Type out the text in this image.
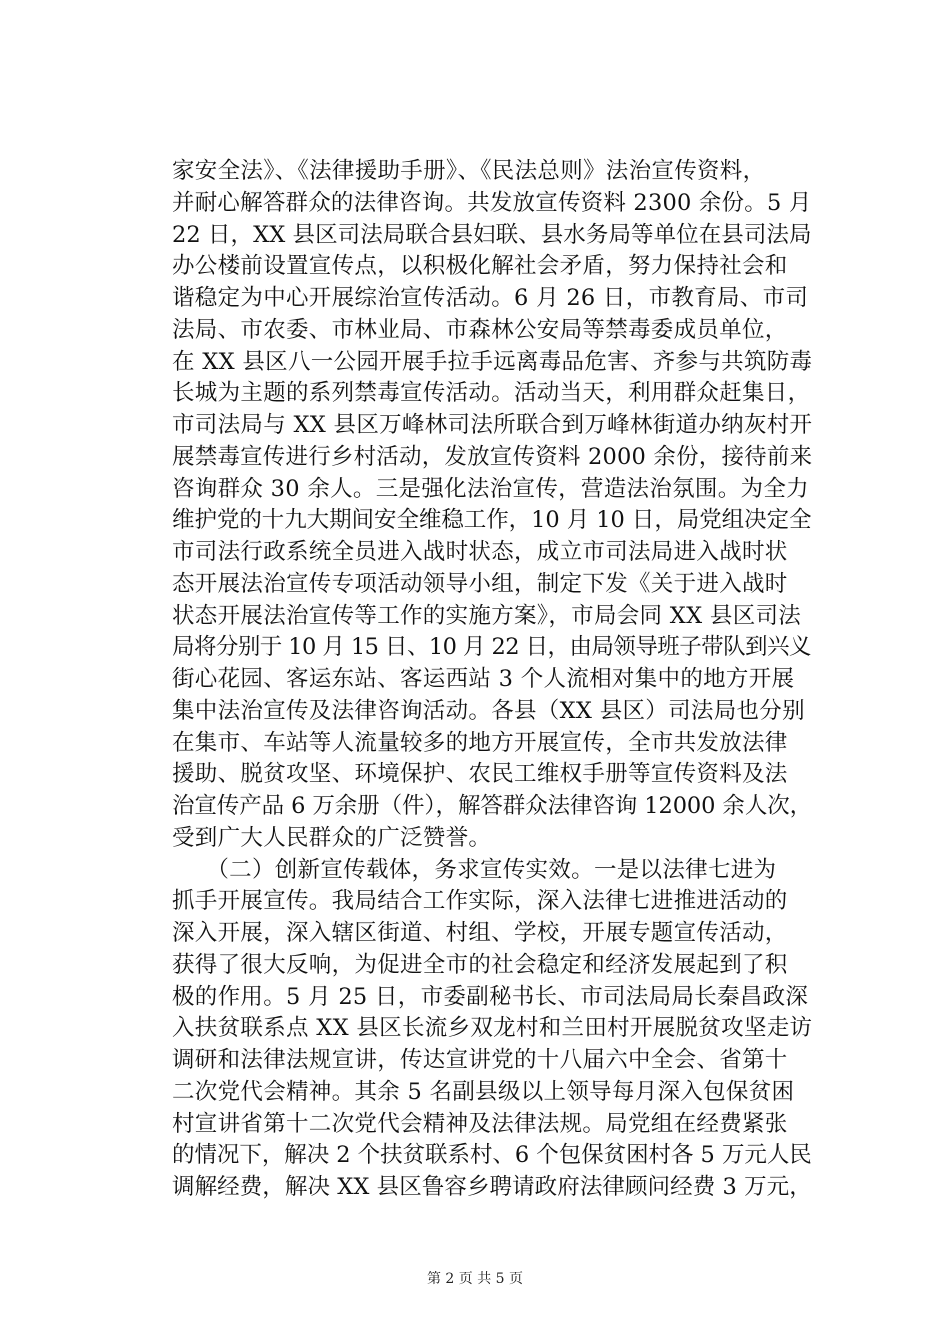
家安全法》、《法律援助手册》、《民法总则》法治宣传资料，
并耐心解答群众的法律咨询。共发放宣传资料 2300 余份。5 月
22 日，XX 县区司法局联合县妇联、县水务局等单位在县司法局
办公楼前设置宣传点，以积极化解社会矛盾，努力保持社会和
谐稳定为中心开展综治宣传活动。6 月 26 日，市教育局、市司
法局、市农委、市林业局、市森林公安局等禁毒委成员单位，
在 XX 县区八一公园开展手拉手远离毒品危害、齐参与共筑防毒
长城为主题的系列禁毒宣传活动。活动当天，利用群众赶集日，
市司法局与 XX 县区万峰林司法所联合到万峰林街道办纳灰村开
展禁毒宣传进行乡村活动，发放宣传资料 2000 余份，接待前来
咨询群众 30 余人。三是强化法治宣传，营造法治氛围。为全力
维护党的十九大期间安全维稳工作，10 月 10 日，局党组决定全
市司法行政系统全员进入战时状态，成立市司法局进入战时状
态开展法治宣传专项活动领导小组，制定下发《关于进入战时
状态开展法治宣传等工作的实施方案》，市局会同 XX 县区司法
局将分别于 10 月 15 日、10 月 22 日，由局领导班子带队到兴义
街心花园、客运东站、客运西站 3 个人流相对集中的地方开展
集中法治宣传及法律咨询活动。各县（XX 县区）司法局也分别
在集市、车站等人流量较多的地方开展宣传，全市共发放法律
援助、脱贫攻坚、环境保护、农民工维权手册等宣传资料及法
治宣传产品 6 万余册（件），解答群众法律咨询 12000 余人次，
受到广大人民群众的广泛赞誉。
　　（二）创新宣传载体，务求宣传实效。一是以法律七进为
抓手开展宣传。我局结合工作实际，深入法律七进推进活动的
深入开展，深入辖区街道、村组、学校，开展专题宣传活动，
获得了很大反响，为促进全市的社会稳定和经济发展起到了积
极的作用。5 月 25 日，市委副秘书长、市司法局局长秦昌政深
入扶贫联系点 XX 县区长流乡双龙村和兰田村开展脱贫攻坚走访
调研和法律法规宣讲，传达宣讲党的十八届六中全会、省第十
二次党代会精神。其余 5 名副县级以上领导每月深入包保贫困
村宣讲省第十二次党代会精神及法律法规。局党组在经费紧张
的情况下，解决 2 个扶贫联系村、6 个包保贫困村各 5 万元人民
调解经费，解决 XX 县区鲁容乡聘请政府法律顾问经费 3 万元，
第 2 页 共 5 页
